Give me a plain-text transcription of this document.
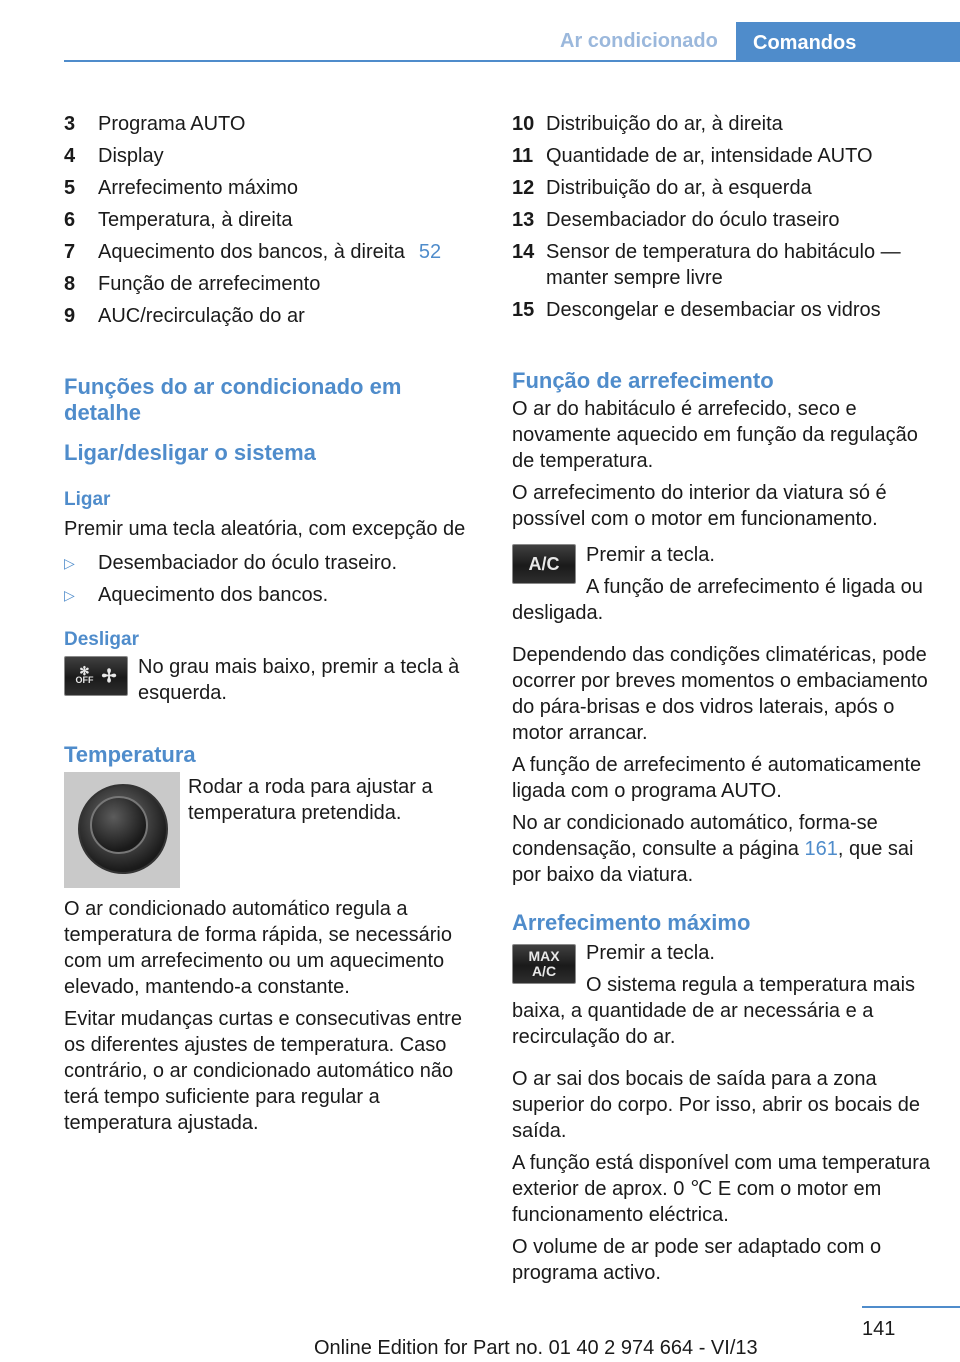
Ar condicionado	Comandos
3	Programa AUTO
4	Display
5	Arrefecimento máximo
6	Temperatura, à direita
7	Aquecimento dos bancos, à direita 52
8	Função de arrefecimento
9	AUC/recirculação do ar
Funções do ar condicionado em detalhe
Ligar/desligar o sistema
Ligar

Premir uma tecla aleatória, com excepção de

▷	Desembaciador do óculo traseiro.
▷	Aquecimento dos bancos.
Desligar
✻
OFF ✢	No grau mais baixo, premir a tecla à esquerda.

Temperatura

Rodar a roda para ajustar a temperatura pretendida.

O ar condicionado automático regula a temperatura de forma rápida, se necessário com um arrefecimento ou um aquecimento elevado, mantendo-a constante.

Evitar mudanças curtas e consecutivas entre os diferentes ajustes de temperatura. Caso contrário, o ar condicionado automático não terá tempo suficiente para regular a temperatura ajustada.

10 Distribuição do ar, à direita
11 Quantidade de ar, intensidade AUTO
12 Distribuição do ar, à esquerda
13 Desembaciador do óculo traseiro
14 Sensor de temperatura do habitáculo — manter sempre livre
15 Descongelar e desembaciar os vidros
Função de arrefecimento

O ar do habitáculo é arrefecido, seco e novamente aquecido em função da regulação de temperatura.

O arrefecimento do interior da viatura só é possível com o motor em funcionamento.

A/C	Premir a tecla.

A função de arrefecimento é ligada ou desligada.

Dependendo das condições climatéricas, pode ocorrer por breves momentos o embaciamento do pára-brisas e dos vidros laterais, após o motor arrancar.

A função de arrefecimento é automaticamente ligada com o programa AUTO.

No ar condicionado automático, forma-se condensação, consulte a página 161, que sai por baixo da viatura.

Arrefecimento máximo
MAX
A/C

Premir a tecla.

O sistema regula a temperatura mais baixa, a quantidade de ar necessária e a recirculação do ar.

O ar sai dos bocais de saída para a zona superior do corpo. Por isso, abrir os bocais de saída.

A função está disponível com uma temperatura exterior de aprox. 0 ℃ E com o motor em funcionamento eléctrica.

O volume de ar pode ser adaptado com o programa activo.

141
Online Edition for Part no. 01 40 2 974 664 - VI/13
